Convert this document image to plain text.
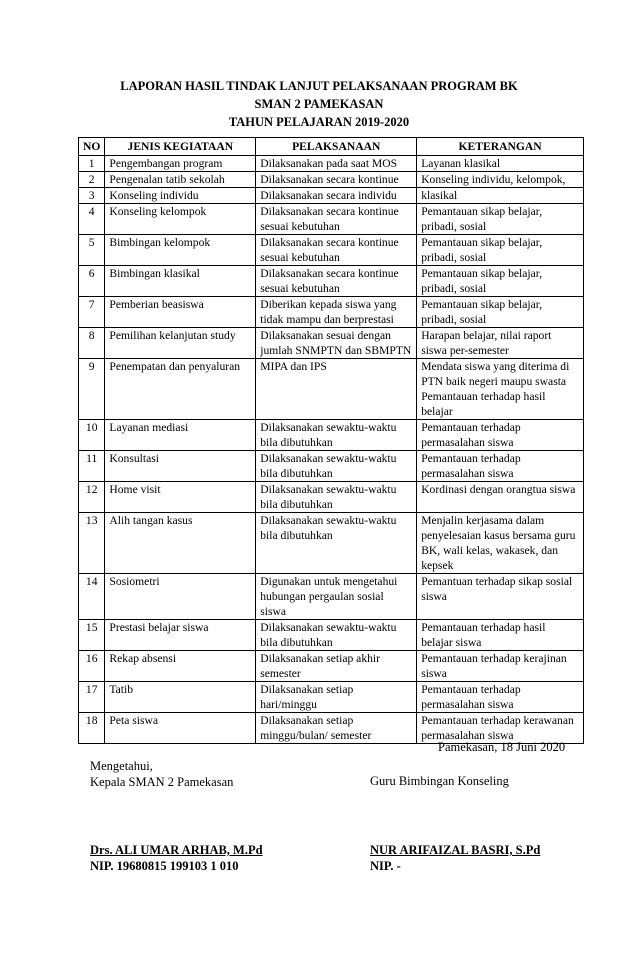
LAPORAN HASIL TINDAK LANJUT PELAKSANAAN PROGRAM BK
SMAN 2 PAMEKASAN
TAHUN PELAJARAN 2019-2020
NO	JENIS KEGIATAAN	PELAKSANAAN	KETERANGAN
1	Pengembangan program	Dilaksanakan pada saat MOS	Layanan klasikal
2	Pengenalan tatib sekolah	Dilaksanakan secara kontinue	Konseling individu, kelompok,
3	Konseling individu	Dilaksanakan secara individu	klasikal
4	Konseling kelompok	Dilaksanakan secara kontinue sesuai kebutuhan	Pemantauan sikap belajar, pribadi, sosial
5	Bimbingan kelompok	Dilaksanakan secara kontinue sesuai kebutuhan	Pemantauan sikap belajar, pribadi, sosial
6	Bimbingan klasikal	Dilaksanakan secara kontinue sesuai kebutuhan	Pemantauan sikap belajar, pribadi, sosial
7	Pemberian beasiswa	Diberikan kepada siswa yang tidak mampu dan berprestasi	Pemantauan sikap belajar, pribadi, sosial
8	Pemilihan kelanjutan study	Dilaksanakan sesuai dengan jumlah SNMPTN dan SBMPTN	Harapan belajar, nilai raport siswa per-semester
9	Penempatan dan penyaluran	MIPA dan IPS	Mendata siswa yang diterima di PTN baik negeri maupu swasta Pemantauan terhadap hasil belajar
10	Layanan mediasi	Dilaksanakan sewaktu-waktu bila dibutuhkan	Pemantauan terhadap permasalahan siswa
11	Konsultasi	Dilaksanakan sewaktu-waktu bila dibutuhkan	Pemantauan terhadap permasalahan siswa
12	Home visit	Dilaksanakan sewaktu-waktu bila dibutuhkan	Kordinasi dengan orangtua siswa
13	Alih tangan kasus	Dilaksanakan sewaktu-waktu bila dibutuhkan	Menjalin kerjasama dalam penyelesaian kasus bersama guru BK, wali kelas, wakasek, dan kepsek
14	Sosiometri	Digunakan untuk mengetahui hubungan pergaulan sosial siswa	Pemantuan terhadap sikap sosial siswa
15	Prestasi belajar siswa	Dilaksanakan sewaktu-waktu bila dibutuhkan	Pemantauan terhadap hasil belajar siswa
16	Rekap absensi	Dilaksanakan setiap akhir semester	Pemantauan terhadap kerajinan siswa
17	Tatib	Dilaksanakan setiap hari/minggu	Pemantauan terhadap permasalahan siswa
18	Peta siswa	Dilaksanakan setiap minggu/bulan/ semester	Pemantauan terhadap kerawanan permasalahan siswa
Pamekasan, 18 Juni 2020
Mengetahui,
Kepala SMAN 2 Pamekasan	Guru Bimbingan Konseling
Drs. ALI UMAR ARHAB, M.Pd
NIP. 19680815 199103 1 010
NUR ARIFAIZAL BASRI, S.Pd
NIP. -
